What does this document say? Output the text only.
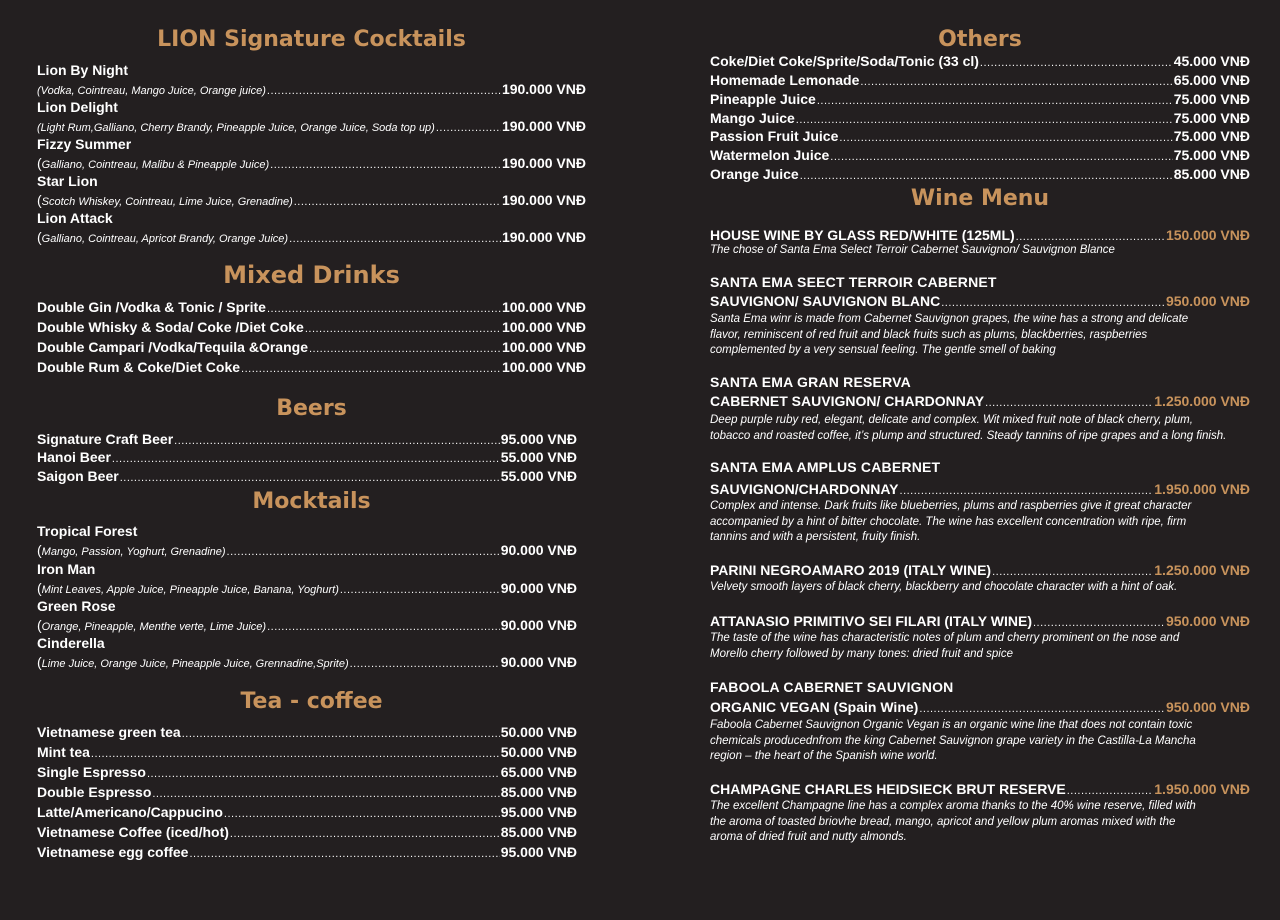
LION Signature Cocktails
Lion By Night
(Vodka, Cointreau, Mango Juice, Orange juice) .....	190.000 VNĐ
Lion Delight
(Light Rum,Galliano, Cherry Brandy, Pineapple Juice, Orange Juice, Soda top up) .....	190.000 VNĐ
Fizzy Summer
(Galliano, Cointreau, Malibu & Pineapple Juice) .....	190.000 VNĐ
Star Lion
(Scotch Whiskey, Cointreau, Lime Juice, Grenadine) .....	190.000 VNĐ
Lion Attack
(Galliano, Cointreau, Apricot Brandy, Orange Juice) .....	190.000 VNĐ
Mixed Drinks
Double Gin /Vodka & Tonic / Sprite .....	100.000 VNĐ
Double Whisky & Soda/ Coke /Diet Coke .....	100.000 VNĐ
Double Campari /Vodka/Tequila &Orange .....	100.000 VNĐ
Double Rum & Coke/Diet Coke .....	100.000 VNĐ
Beers
Signature Craft Beer .....	95.000 VNĐ
Hanoi Beer .....	55.000 VNĐ
Saigon Beer .....	55.000 VNĐ
Mocktails
Tropical Forest
(Mango, Passion, Yoghurt, Grenadine) .....	90.000 VNĐ
Iron Man
(Mint Leaves, Apple Juice, Pineapple Juice, Banana, Yoghurt) .....	90.000 VNĐ
Green Rose
(Orange, Pineapple, Menthe verte, Lime Juice) .....	90.000 VNĐ
Cinderella
(Lime Juice, Orange Juice, Pineapple Juice, Grennadine,Sprite) .....	90.000 VNĐ
Tea - coffee
Vietnamese green tea .....	50.000 VNĐ
Mint tea .....	50.000 VNĐ
Single Espresso .....	65.000 VNĐ
Double Espresso .....	85.000 VNĐ
Latte/Americano/Cappucino .....	95.000 VNĐ
Vietnamese Coffee (iced/hot) .....	85.000 VNĐ
Vietnamese egg coffee .....	95.000 VNĐ
Others
Coke/Diet Coke/Sprite/Soda/Tonic (33 cl) .....	45.000 VNĐ
Homemade Lemonade .....	65.000 VNĐ
Pineapple Juice .....	75.000 VNĐ
Mango Juice .....	75.000 VNĐ
Passion Fruit Juice .....	75.000 VNĐ
Watermelon Juice .....	75.000 VNĐ
Orange Juice .....	85.000 VNĐ
Wine Menu
HOUSE WINE BY GLASS RED/WHITE (125ML) .....	150.000 VNĐ
The chose of Santa Ema Select Terroir Cabernet Sauvignon/ Sauvignon Blance
SANTA EMA SEECT TERROIR CABERNET
SAUVIGNON/ SAUVIGNON BLANC .....	950.000 VNĐ
Santa Ema winr is made from Cabernet Sauvignon grapes, the wine has a strong and delicate
flavor, reminiscent of red fruit and black fruits such as plums, blackberries, raspberries
complemented by a very sensual feeling. The gentle smell of baking
SANTA EMA GRAN RESERVA
CABERNET SAUVIGNON/ CHARDONNAY .....	1.250.000 VNĐ
Deep purple ruby red, elegant, delicate and complex. Wit mixed fruit note of black cherry, plum,
tobacco and roasted coffee, it’s plump and structured. Steady tannins of ripe grapes and a long finish.
SANTA EMA AMPLUS CABERNET
SAUVIGNON/CHARDONNAY .....	1.950.000 VNĐ
Complex and intense. Dark fruits like blueberries, plums and raspberries give it great character
accompanied by a hint of bitter chocolate. The wine has excellent concentration with ripe, firm
tannins and with a persistent, fruity finish.
PARINI NEGROAMARO 2019 (ITALY WINE) .....	1.250.000 VNĐ
Velvety smooth layers of black cherry, blackberry and chocolate character with a hint of oak.
ATTANASIO PRIMITIVO SEI FILARI (ITALY WINE) .....	950.000 VNĐ
The taste of the wine has characteristic notes of plum and cherry prominent on the nose and
Morello cherry followed by many tones: dried fruit and spice
FABOOLA CABERNET SAUVIGNON
ORGANIC VEGAN (Spain Wine) .....	950.000 VNĐ
Faboola Cabernet Sauvignon Organic Vegan is an organic wine line that does not contain toxic
chemicals producednfrom the king Cabernet Sauvignon grape variety in the Castilla-La Mancha
region – the heart of the Spanish wine world.
CHAMPAGNE CHARLES HEIDSIECK BRUT RESERVE .....	1.950.000 VNĐ
The excellent Champagne line has a complex aroma thanks to the 40% wine reserve, filled with
the aroma of toasted briovhe bread, mango, apricot and yellow plum aromas mixed with the
aroma of dried fruit and nutty almonds.
